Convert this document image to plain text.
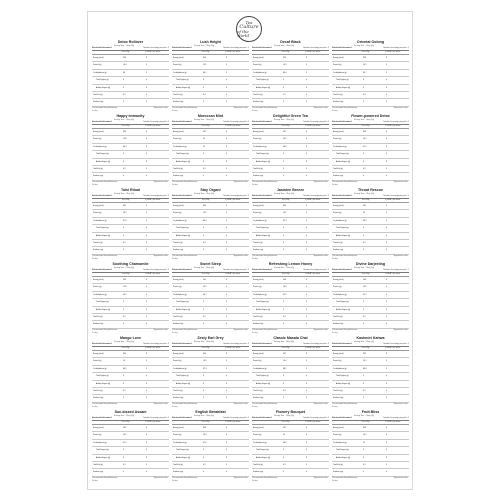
Tea
Culture
of the World
Detox Rollover
Serving Size - 1 Bag (2g)
Nutritional Information*	Number of servings per pack - 1
Per 100g	% RDA** per serve
Energy (kcal)	346	0
Protein (g)	16.4	0
Carbohydrate (g)	68	0
Total Sugars (g)	0	0
Added Sugars (g)	0	0
Total Fat (g)	6.2	0
Sodium (mg)	0	0
*Recommended Dietary Allowances	*Approximate values
Per day
Lush Height
Serving Size - 1 Bag (2g)
Nutritional Information*	Number of servings per pack - 1
Per 100g	% RDA** per serve
Energy (kcal)	340	0
Protein (g)	15.9	0
Carbohydrate (g)	66.1	0
Total Sugars (g)	0	0
Added Sugars (g)	0	0
Total Fat (g)	6.4	0
Sodium (mg)	0	0
*Recommended Dietary Allowances	*Approximate values
Per day
Decaf Black
Serving Size - 1 Bag (2g)
Nutritional Information*	Number of servings per pack - 1
Per 100g	% RDA** per serve
Energy (kcal)	349	0
Protein (g)	16.3	0
Carbohydrate (g)	68.4	0
Total Sugars (g)	0	0
Added Sugars (g)	0	0
Total Fat (g)	5.9	0
Sodium (mg)	0	0
*Recommended Dietary Allowances	*Approximate values
Per day
Oriental Oolong
Serving Size - 1 Bag (2g)
Nutritional Information*	Number of servings per pack - 1
Per 100g	% RDA** per serve
Energy (kcal)	338	0
Protein (g)	16.1	0
Carbohydrate (g)	65.7	0
Total Sugars (g)	0	0
Added Sugars (g)	0	0
Total Fat (g)	6.3	0
Sodium (mg)	0	0
*Recommended Dietary Allowances	*Approximate values
Per day
Happy Immunity
Serving Size - 1 Bag (2g)
Nutritional Information*	Number of servings per pack - 1
Per 100g	% RDA** per serve
Energy (kcal)	339	0
Protein (g)	15.8	0
Carbohydrate (g)	66.3	0
Total Sugars (g)	0	0
Added Sugars (g)	0	0
Total Fat (g)	6.2	0
Sodium (mg)	0	0
*Recommended Dietary Allowances	*Approximate values
Per day
Moroccan Mint
Serving Size - 1 Bag (2g)
Nutritional Information*	Number of servings per pack - 1
Per 100g	% RDA** per serve
Energy (kcal)	342	0
Protein (g)	16	0
Carbohydrate (g)	67	0
Total Sugars (g)	0	0
Added Sugars (g)	0	0
Total Fat (g)	6.1	0
Sodium (mg)	0	0
*Recommended Dietary Allowances	*Approximate values
Per day
Delightful Green Tea
Serving Size - 1 Bag (2g)
Nutritional Information*	Number of servings per pack - 1
Per 100g	% RDA** per serve
Energy (kcal)	341	0
Protein (g)	16.2	0
Carbohydrate (g)	66.8	0
Total Sugars (g)	0	0
Added Sugars (g)	0	0
Total Fat (g)	6	0
Sodium (mg)	0	0
*Recommended Dietary Allowances	*Approximate values
Per day
Flower-powered Detox
Serving Size - 1 Bag (2g)
Nutritional Information*	Number of servings per pack - 1
Per 100g	% RDA** per serve
Energy (kcal)	343	0
Protein (g)	16.1	0
Carbohydrate (g)	67.2	0
Total Sugars (g)	0	0
Added Sugars (g)	0	0
Total Fat (g)	6.2	0
Sodium (mg)	0	0
*Recommended Dietary Allowances	*Approximate values
Per day
Tulsi Ritual
Serving Size - 1 Bag (2g)
Nutritional Information*	Number of servings per pack - 1
Per 100g	% RDA** per serve
Energy (kcal)	345	0
Protein (g)	16.3	0
Carbohydrate (g)	67.6	0
Total Sugars (g)	0	0
Added Sugars (g)	0	0
Total Fat (g)	6.1	0
Sodium (mg)	0	0
*Recommended Dietary Allowances	*Approximate values
Per day
Stay Organi
Serving Size - 1 Bag (2g)
Nutritional Information*	Number of servings per pack - 1
Per 100g	% RDA** per serve
Energy (kcal)	340	0
Protein (g)	15.9	0
Carbohydrate (g)	66.4	0
Total Sugars (g)	0	0
Added Sugars (g)	0	0
Total Fat (g)	6.3	0
Sodium (mg)	0	0
*Recommended Dietary Allowances	*Approximate values
Per day
Jasmine Breeze
Serving Size - 1 Bag (2g)
Nutritional Information*	Number of servings per pack - 1
Per 100g	% RDA** per serve
Energy (kcal)	344	0
Protein (g)	16.2	0
Carbohydrate (g)	67.4	0
Total Sugars (g)	0	0
Added Sugars (g)	0	0
Total Fat (g)	6	0
Sodium (mg)	0	0
*Recommended Dietary Allowances	*Approximate values
Per day
Throat Rescue
Serving Size - 1 Bag (2g)
Nutritional Information*	Number of servings per pack - 1
Per 100g	% RDA** per serve
Energy (kcal)	342	0
Protein (g)	16	0
Carbohydrate (g)	66.9	0
Total Sugars (g)	0	0
Added Sugars (g)	0	0
Total Fat (g)	6.2	0
Sodium (mg)	0	0
*Recommended Dietary Allowances	*Approximate values
Per day
Soothing Chamomile
Serving Size - 1 Bag (2g)
Nutritional Information*	Number of servings per pack - 1
Per 100g	% RDA** per serve
Energy (kcal)	339	0
Protein (g)	15.8	0
Carbohydrate (g)	66.2	0
Total Sugars (g)	0	0
Added Sugars (g)	0	0
Total Fat (g)	6.1	0
Sodium (mg)	0	0
*Recommended Dietary Allowances	*Approximate values
Per day
Sweet Sleep
Serving Size - 1 Bag (2g)
Nutritional Information*	Number of servings per pack - 1
Per 100g	% RDA** per serve
Energy (kcal)	341	0
Protein (g)	16.1	0
Carbohydrate (g)	66.7	0
Total Sugars (g)	0	0
Added Sugars (g)	0	0
Total Fat (g)	6.2	0
Sodium (mg)	0	0
*Recommended Dietary Allowances	*Approximate values
Per day
Refreshing Lemon Honey
Serving Size - 1 Bag (2g)
Nutritional Information*	Number of servings per pack - 1
Per 100g	% RDA** per serve
Energy (kcal)	346	0
Protein (g)	16.4	0
Carbohydrate (g)	67.9	0
Total Sugars (g)	0	0
Added Sugars (g)	0	0
Total Fat (g)	6.3	0
Sodium (mg)	0	0
*Recommended Dietary Allowances	*Approximate values
Per day
Divine Darjeeling
Serving Size - 1 Bag (2g)
Nutritional Information*	Number of servings per pack - 1
Per 100g	% RDA** per serve
Energy (kcal)	343	0
Protein (g)	16.2	0
Carbohydrate (g)	67.1	0
Total Sugars (g)	0	0
Added Sugars (g)	0	0
Total Fat (g)	6.1	0
Sodium (mg)	0	0
*Recommended Dietary Allowances	*Approximate values
Per day
Mango Love
Serving Size - 1 Bag (2g)
Nutritional Information*	Number of servings per pack - 1
Per 100g	% RDA** per serve
Energy (kcal)	340	0
Protein (g)	16	0
Carbohydrate (g)	66.5	0
Total Sugars (g)	0	0
Added Sugars (g)	0	0
Total Fat (g)	6.2	0
Sodium (mg)	0	0
*Recommended Dietary Allowances	*Approximate values
Per day
Zesty Earl Grey
Serving Size - 1 Bag (2g)
Nutritional Information*	Number of servings per pack - 1
Per 100g	% RDA** per serve
Energy (kcal)	344	0
Protein (g)	16.3	0
Carbohydrate (g)	67.3	0
Total Sugars (g)	0	0
Added Sugars (g)	0	0
Total Fat (g)	6	0
Sodium (mg)	0	0
*Recommended Dietary Allowances	*Approximate values
Per day
Classic Masala Chai
Serving Size - 1 Bag (2g)
Nutritional Information*	Number of servings per pack - 1
Per 100g	% RDA** per serve
Energy (kcal)	347	0
Protein (g)	16.4	0
Carbohydrate (g)	68.1	0
Total Sugars (g)	0	0
Added Sugars (g)	0	0
Total Fat (g)	6.3	0
Sodium (mg)	0	0
*Recommended Dietary Allowances	*Approximate values
Per day
Kashmiri Kahwa
Serving Size - 1 Bag (2g)
Nutritional Information*	Number of servings per pack - 1
Per 100g	% RDA** per serve
Energy (kcal)	342	0
Protein (g)	16.1	0
Carbohydrate (g)	66.8	0
Total Sugars (g)	0	0
Added Sugars (g)	0	0
Total Fat (g)	6.2	0
Sodium (mg)	0	0
*Recommended Dietary Allowances	*Approximate values
Per day
Sun-kissed Assam
Serving Size - 1 Bag (2g)
Nutritional Information*	Number of servings per pack - 1
Per 100g	% RDA** per serve
Energy (kcal)	345	0
Protein (g)	16.2	0
Carbohydrate (g)	67.5	0
Total Sugars (g)	0	0
Added Sugars (g)	0	0
Total Fat (g)	6.1	0
Sodium (mg)	0	0
*Recommended Dietary Allowances	*Approximate values
Per day
English Breakfast
Serving Size - 1 Bag (2g)
Nutritional Information*	Number of servings per pack - 1
Per 100g	% RDA** per serve
Energy (kcal)	346	0
Protein (g)	16.3	0
Carbohydrate (g)	67.8	0
Total Sugars (g)	0	0
Added Sugars (g)	0	0
Total Fat (g)	6.2	0
Sodium (mg)	0	0
*Recommended Dietary Allowances	*Approximate values
Per day
Flowery Bouquet
Serving Size - 1 Bag (2g)
Nutritional Information*	Number of servings per pack - 1
Per 100g	% RDA** per serve
Energy (kcal)	341	0
Protein (g)	16	0
Carbohydrate (g)	66.6	0
Total Sugars (g)	0	0
Added Sugars (g)	0	0
Total Fat (g)	6.3	0
Sodium (mg)	0	0
*Recommended Dietary Allowances	*Approximate values
Per day
Fruit Bliss
Serving Size - 1 Bag (2g)
Nutritional Information*	Number of servings per pack - 1
Per 100g	% RDA** per serve
Energy (kcal)	343	0
Protein (g)	16.1	0
Carbohydrate (g)	67	0
Total Sugars (g)	0	0
Added Sugars (g)	0	0
Total Fat (g)	6.1	0
Sodium (mg)	0	0
*Recommended Dietary Allowances	*Approximate values
Per day
